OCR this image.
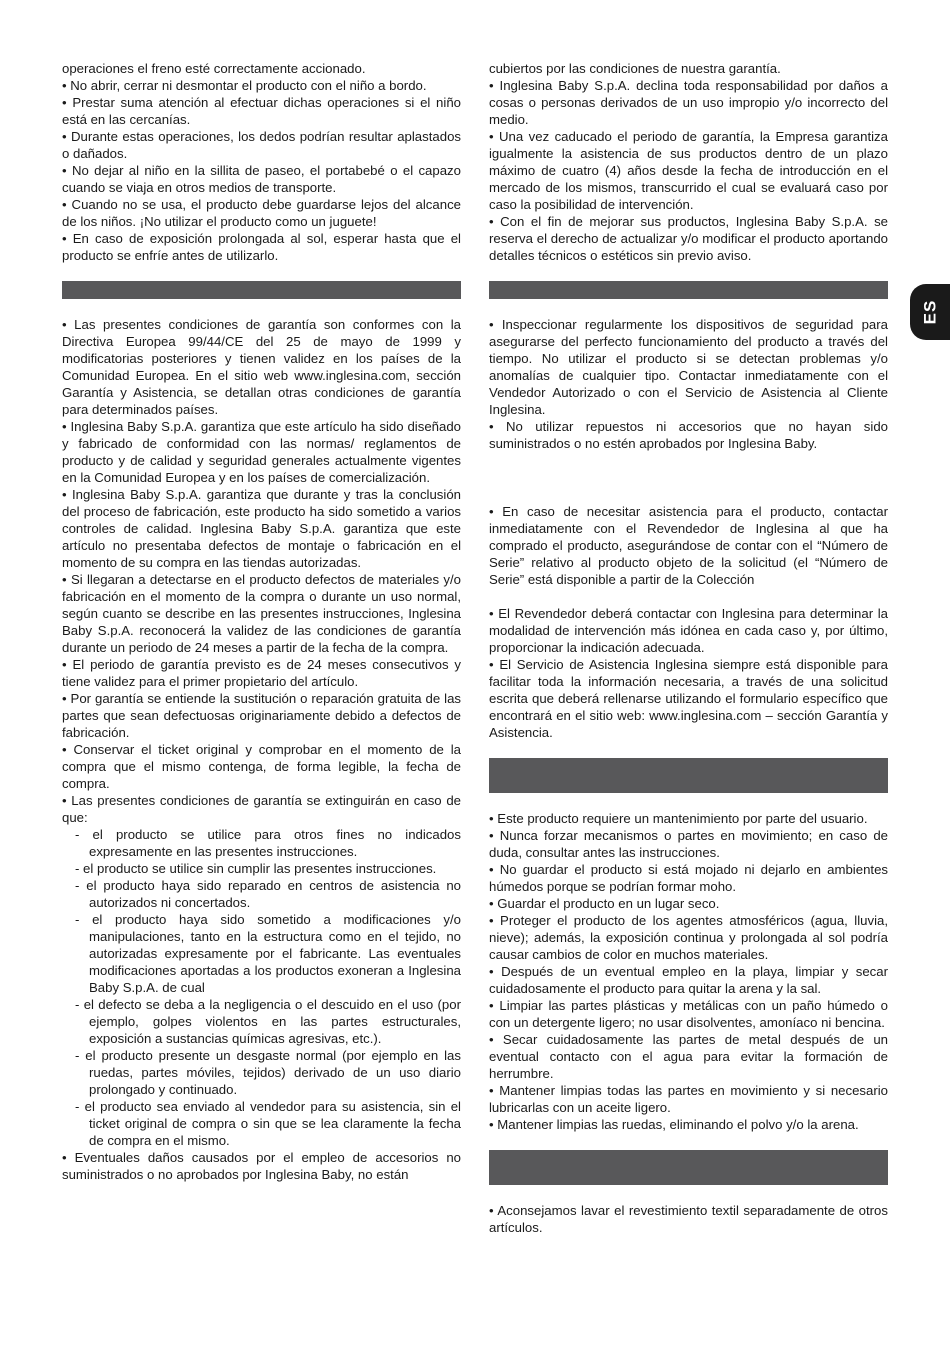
operaciones el freno esté correctamente accionado.

• No abrir, cerrar ni desmontar el producto con el niño a bordo.

• Prestar suma atención al efectuar dichas operaciones si el niño está en las cercanías.

• Durante estas operaciones, los dedos podrían resultar aplastados o dañados.

• No dejar al niño en la sillita de paseo, el portabebé o el capazo cuando se viaja en otros medios de transporte.

• Cuando no se usa, el producto debe guardarse lejos del alcance de los niños. ¡No utilizar el producto como un juguete!

• En caso de exposición prolongada al sol, esperar hasta que el producto se enfríe antes de utilizarlo.

• Las presentes condiciones de garantía son conformes con la Directiva Europea 99/44/CE del 25 de mayo de 1999 y modificatorias posteriores y tienen validez en los países de la Comunidad Europea. En el sitio web www.inglesina.com, sección Garantía y Asistencia, se detallan otras condiciones de garantía para determinados países.

• Inglesina Baby S.p.A. garantiza que este artículo ha sido diseñado y fabricado de conformidad con las normas/ reglamentos de producto y de calidad y seguridad generales actualmente vigentes en la Comunidad Europea y en los países de comercialización.

• Inglesina Baby S.p.A. garantiza que durante y tras la conclusión del proceso de fabricación, este producto ha sido sometido a varios controles de calidad. Inglesina Baby S.p.A. garantiza que este artículo no presentaba defectos de montaje o fabricación en el momento de su compra en las tiendas autorizadas.

• Si llegaran a detectarse en el producto defectos de materiales y/o fabricación en el momento de la compra o durante un uso normal, según cuanto se describe en las presentes instrucciones, Inglesina Baby S.p.A. reconocerá la validez de las condiciones de garantía durante un periodo de 24 meses a partir de la fecha de la compra.

• El periodo de garantía previsto es de 24 meses consecutivos y tiene validez para el primer propietario del artículo.

• Por garantía se entiende la sustitución o reparación gratuita de las partes que sean defectuosas originariamente debido a defectos de fabricación.

• Conservar el ticket original y comprobar en el momento de la compra que el mismo contenga, de forma legible, la fecha de compra.

• Las presentes condiciones de garantía se extinguirán en caso de que:

- el producto se utilice para otros fines no indicados expresamente en las presentes instrucciones.

- el producto se utilice sin cumplir las presentes instrucciones.

- el producto haya sido reparado en centros de asistencia no autorizados ni concertados.

- el producto haya sido sometido a modificaciones y/o manipulaciones, tanto en la estructura como en el tejido, no autorizadas expresamente por el fabricante. Las eventuales modificaciones aportadas a los productos exoneran a Inglesina Baby S.p.A. de cual

- el defecto se deba a la negligencia o el descuido en el uso (por ejemplo, golpes violentos en las partes estructurales, exposición a sustancias químicas agresivas, etc.).

- el producto presente un desgaste normal (por ejemplo en las ruedas, partes móviles, tejidos) derivado de un uso diario prolongado y continuado.

- el producto sea enviado al vendedor para su asistencia, sin el ticket original de compra o sin que se lea claramente la fecha de compra en el mismo.

• Eventuales daños causados por el empleo de accesorios no suministrados o no aprobados por Inglesina Baby, no están

cubiertos por las condiciones de nuestra garantía.

• Inglesina Baby S.p.A. declina toda responsabilidad por daños a cosas o personas derivados de un uso impropio y/o incorrecto del medio.

• Una vez caducado el periodo de garantía, la Empresa garantiza igualmente la asistencia de sus productos dentro de un plazo máximo de cuatro (4) años desde la fecha de introducción en el mercado de los mismos, transcurrido el cual se evaluará caso por caso la posibilidad de intervención.

• Con el fin de mejorar sus productos, Inglesina Baby S.p.A. se reserva el derecho de actualizar y/o modificar el producto aportando detalles técnicos o estéticos sin previo aviso.

• Inspeccionar regularmente los dispositivos de seguridad para asegurarse del perfecto funcionamiento del producto a través del tiempo. No utilizar el producto si se detectan problemas y/o anomalías de cualquier tipo. Contactar inmediatamente con el Vendedor Autorizado o con el Servicio de Asistencia al Cliente Inglesina.

• No utilizar repuestos ni accesorios que no hayan sido suministrados o no estén aprobados por Inglesina Baby.

• En caso de necesitar asistencia para el producto, contactar inmediatamente con el Revendedor de Inglesina al que ha comprado el producto, asegurándose de contar con el “Número de Serie” relativo al producto objeto de la solicitud (el “Número de Serie” está disponible a partir de la Colección

• El Revendedor deberá contactar con Inglesina para determinar la modalidad de intervención más idónea en cada caso y, por último, proporcionar la indicación adecuada.

• El Servicio de Asistencia Inglesina siempre está disponible para facilitar toda la información necesaria, a través de una solicitud escrita que deberá rellenarse utilizando el formulario específico que encontrará en el sitio web: www.inglesina.com – sección Garantía y Asistencia.

• Este producto requiere un mantenimiento por parte del usuario.

• Nunca forzar mecanismos o partes en movimiento; en caso de duda, consultar antes las instrucciones.

• No guardar el producto si está mojado ni dejarlo en ambientes húmedos porque se podrían formar moho.

• Guardar el producto en un lugar seco.

• Proteger el producto de los agentes atmosféricos (agua, lluvia, nieve); además, la exposición continua y prolongada al sol podría causar cambios de color en muchos materiales.

• Después de un eventual empleo en la playa, limpiar y secar cuidadosamente el producto para quitar la arena y la sal.

• Limpiar las partes plásticas y metálicas con un paño húmedo o con un detergente ligero; no usar disolventes, amoníaco ni bencina.

• Secar cuidadosamente las partes de metal después de un eventual contacto con el agua para evitar la formación de herrumbre.

• Mantener limpias todas las partes en movimiento y si necesario lubricarlas con un aceite ligero.

• Mantener limpias las ruedas, eliminando el polvo y/o la arena.

• Aconsejamos lavar el revestimiento textil separadamente de otros artículos.

ES
